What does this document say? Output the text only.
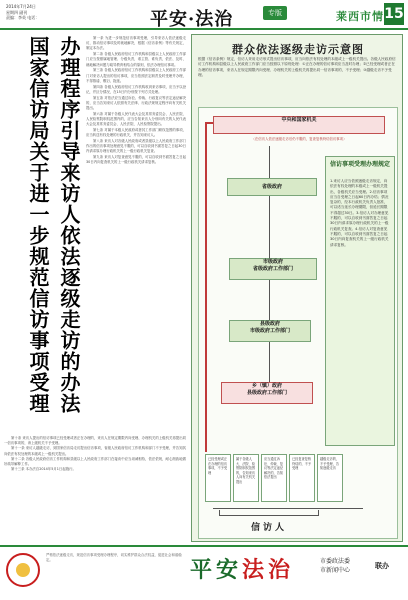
2014年7月24日
星期四 副刊
责编：李英 电话：	平安·法治	专版	莱西市情 15
办理程序引导来访人依法逐级走访的办法
国家信访局关于进一步规范信访事项受理	第一条 为进一步规范信访事项受理，引导来访人依法逐级走访，推动信访事项及时就地解决，根据《信访条例》等有关规定，制定本办法。

第二条 各级人民政府信访工作机构和县级以上人民政府工作部门应当按照属地管理、分级负责，谁主管、谁负责，依法、及时、就地解决问题与疏导教育相结合的原则，依法办理信访事项。

第三条 各级人民政府信访工作机构和县级以上人民政府工作部门对来访人提出的信访事项，应当依照法定职责及时受理并办理，不得推诿、敷衍、拖延。

第四条 各级人民政府信访工作机构收到来访事项，应当予以登记，并区分情况，在15日内分别按下列方式处理。

第五条 对依法应当通过诉讼、仲裁、行政复议等法定途径解决的，应当告知来访人依照有关法律、行政法规规定程序向有关机关提出。

第六条 对属于各级人民代表大会及其常务委员会、人民法院、人民检察院职权范围内的，应当告知来访人分别向有关的人民代表大会及其常务委员会、人民法院、人民检察院提出。

第七条 对属于本级人民政府或者其工作部门职权范围的事项，应当转送有权处理的行政机关，并告知来访人。

第八条 来访人对各级人民政府或者县级以上人民政府工作部门作出的信访事项处理意见不服的，可以自收到书面答复之日起30日内请求原办理行政机关的上一级行政机关复查。

第九条 来访人对复查意见不服的，可以自收到书面答复之日起30日内向复查机关的上一级行政机关请求复核。

第十条 来访人提出的信访事项已经受理或者正在办理的，来访人在规定期限内向受理、办理机关的上级机关再提出同一信访事项的，该上级机关不予受理。

第十一条 来访人越级走访，到国家信访局走访提出信访事项，省级人民政府信访工作机构和部门不予受理，并告知其向依法有权处理的本级或上一级机关提出。

第十二条 各级人民政府信访工作机构和县级以上人民政府工作部门在接谈中应当坦诚相待，依法依规，耐心细致地做好疏导解释工作。

第十三条 本办法自2014年5月1日起施行。

群众依法逐级走访示意图
根据《信访条例》规定，信访人采用走访形式提出信访事项，应当向依法有权处理的本级或上一级机关提出。各级人民政府信访工作机构和县级以上人民政府工作部门应当按照以下原则处理：①正在办理的信访事项应当及时办理；②已经受理或者正在办理的信访事项，来访人在规定期限内向受理、办理机关的上级机关再提出同一信访事项的，不予受理；③越级走访不予受理。
中央和国家机关
（在信访人依法逐级走访后仍不服的，复查复核终结信访事项）
省级政府
市级政府
省级政府工作部门
县级政府
市级政府工作部门
乡（镇）政府
县级政府工作部门
信访事项受理办理规定
1.来访人应当依照逐级走访规定，向依法有权处理的本级或上一级机关提出，各级机关应当受理。2.信访事项应当自受理之日起60日内办结；情况复杂的，经本行政机关负责人批准，可以适当延长办理期限，但延长期限不得超过30日。3.信访人对办理意见不服的，可以自收到书面答复之日起30日内请求原办理行政机关的上一级行政机关复查。4.信访人对复查意见不服的，可以自收到书面答复之日起30日内向复查机关的上一级行政机关请求复核。
已经受理或正在办理的信访事项，不予受理
属于各级人大、法院、检察院职权范围的，告知来访人向有关机关提出
应当通过诉讼、仲裁、复议等法定途径解决的，告知依法提出
已经复查复核终结的，不予受理
越级走访的，不予受理，告知逐级走访
信访人
严格依法逐级走访，规范信访事项受理办理程序，切实维护群众合法权益，促进社会和谐稳定。	平安法治	市委政法委
市新闻中心
联办
